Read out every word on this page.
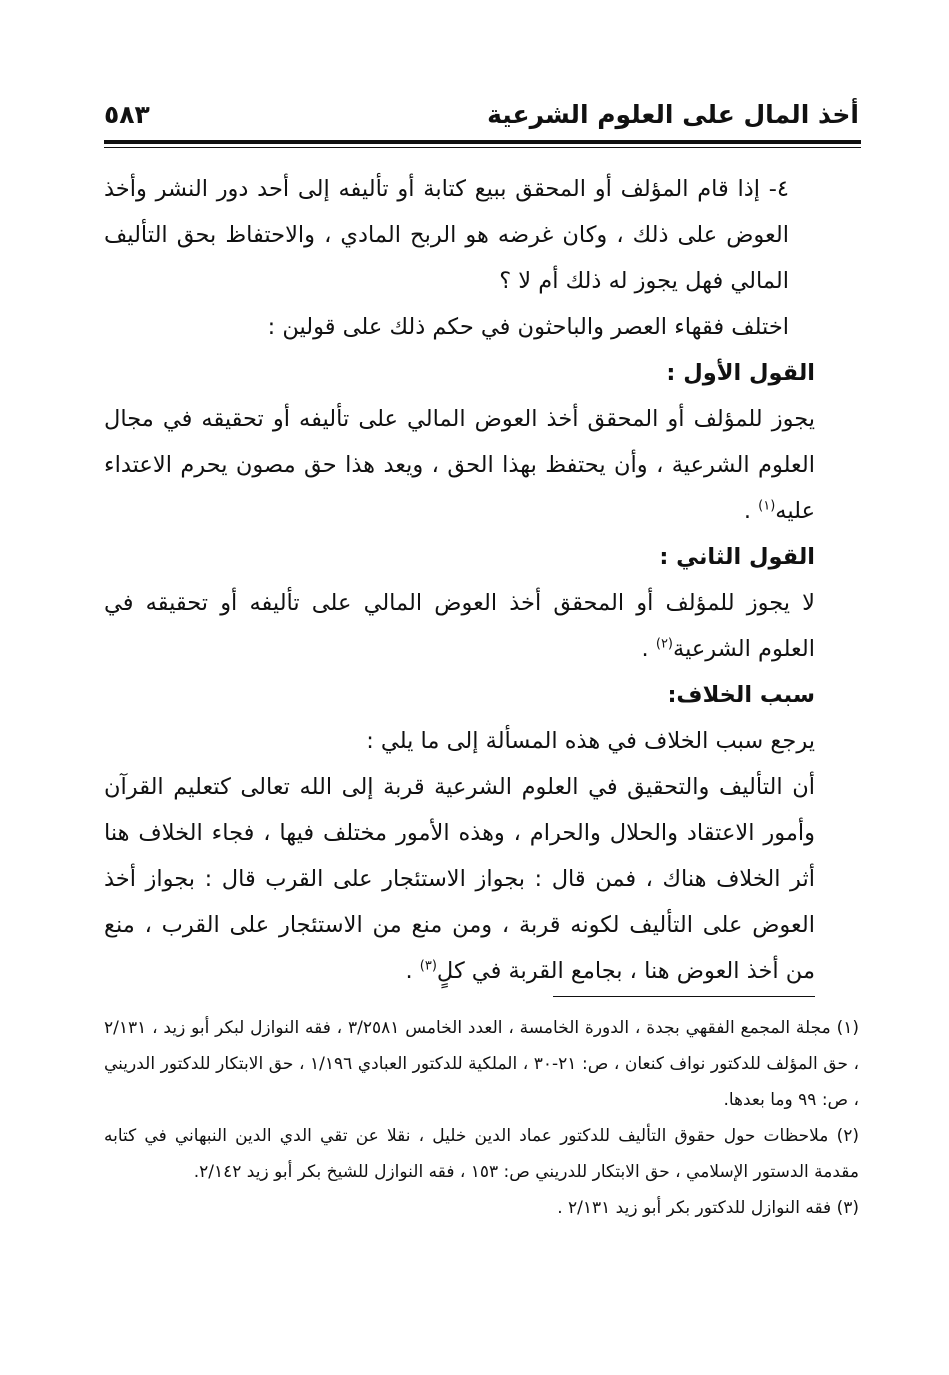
أخذ المال على العلوم الشرعية
٥٨٣

٤- إذا قام المؤلف أو المحقق ببيع كتابة أو تأليفه إلى أحد دور النشر وأخذ العوض على ذلك ، وكان غرضه هو الربح المادي ، والاحتفاظ بحق التأليف المالي فهل يجوز له ذلك أم لا ؟

اختلف فقهاء العصر والباحثون في حكم ذلك على قولين :

القول الأول :

يجوز للمؤلف أو المحقق أخذ العوض المالي على تأليفه أو تحقيقه في مجال العلوم الشرعية ، وأن يحتفظ بهذا الحق ، ويعد هذا حق مصون يحرم الاعتداء عليه$^{(١)}$ .

القول الثاني :

لا يجوز للمؤلف أو المحقق أخذ العوض المالي على تأليفه أو تحقيقه في العلوم الشرعية$^{(٢)}$ .

سبب الخلاف:

يرجع سبب الخلاف في هذه المسألة إلى ما يلي :

أن التأليف والتحقيق في العلوم الشرعية قربة إلى الله تعالى كتعليم القرآن وأمور الاعتقاد والحلال والحرام ، وهذه الأمور مختلف فيها ، فجاء الخلاف هنا أثر الخلاف هناك ، فمن قال : بجواز الاستئجار على القرب قال : بجواز أخذ العوض على التأليف لكونه قربة ، ومن منع من الاستئجار على القرب ، منع من أخذ العوض هنا ، بجامع القربة في كلٍ$^{(٣)}$ .

(١) مجلة المجمع الفقهي بجدة ، الدورة الخامسة ، العدد الخامس ٣/٢٥٨١ ، فقه النوازل لبكر أبو زيد ، ٢/١٣١ ، حق المؤلف للدكتور نواف كنعان ، ص: ٢١-٣٠ ، الملكية للدكتور العبادي ١/١٩٦ ، حق الابتكار للدكتور الدريني ، ص: ٩٩ وما بعدها.

(٢) ملاحظات حول حقوق التأليف للدكتور عماد الدين خليل ، نقلا عن تقي الدي الدين النبهاني في كتابه مقدمة الدستور الإسلامي ، حق الابتكار للدريني ص: ١٥٣ ، فقه النوازل للشيخ بكر أبو زيد ٢/١٤٢.

(٣) فقه النوازل للدكتور بكر أبو زيد ٢/١٣١ .
